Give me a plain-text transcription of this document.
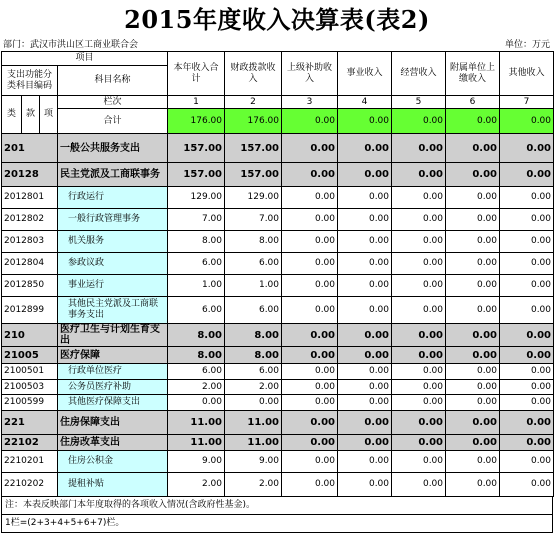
2015年度收入决算表(表2)
部门：武汉市洪山区工商业联合会	单位：万元
项目				本年收入合计	财政拨款收入	上级补助收入	事业收入	经营收入	附属单位上缴收入	其他收入
支出功能分类科目编码			科目名称							

类	款	项	栏次	1	2	3	4	5	6	7
			合计	176.00	176.00	0.00	0.00	0.00	0.00	0.00
201			一般公共服务支出	157.00	157.00	0.00	0.00	0.00	0.00	0.00
20128			民主党派及工商联事务	157.00	157.00	0.00	0.00	0.00	0.00	0.00
2012801			行政运行	129.00	129.00	0.00	0.00	0.00	0.00	0.00
2012802			一般行政管理事务	7.00	7.00	0.00	0.00	0.00	0.00	0.00
2012803			机关服务	8.00	8.00	0.00	0.00	0.00	0.00	0.00
2012804			参政议政	6.00	6.00	0.00	0.00	0.00	0.00	0.00
2012850			事业运行	1.00	1.00	0.00	0.00	0.00	0.00	0.00
2012899			其他民主党派及工商联事务支出	6.00	6.00	0.00	0.00	0.00	0.00	0.00
210			医疗卫生与计划生育支出	8.00	8.00	0.00	0.00	0.00	0.00	0.00
21005			医疗保障	8.00	8.00	0.00	0.00	0.00	0.00	0.00
2100501			行政单位医疗	6.00	6.00	0.00	0.00	0.00	0.00	0.00
2100503			公务员医疗补助	2.00	2.00	0.00	0.00	0.00	0.00	0.00
2100599			其他医疗保障支出	0.00	0.00	0.00	0.00	0.00	0.00	0.00
221			住房保障支出	11.00	11.00	0.00	0.00	0.00	0.00	0.00
22102			住房改革支出	11.00	11.00	0.00	0.00	0.00	0.00	0.00
2210201			住房公积金	9.00	9.00	0.00	0.00	0.00	0.00	0.00
2210202			提租补贴	2.00	2.00	0.00	0.00	0.00	0.00	0.00
注：本表反映部门本年度取得的各项收入情况(含政府性基金)。
1栏=(2+3+4+5+6+7)栏。
